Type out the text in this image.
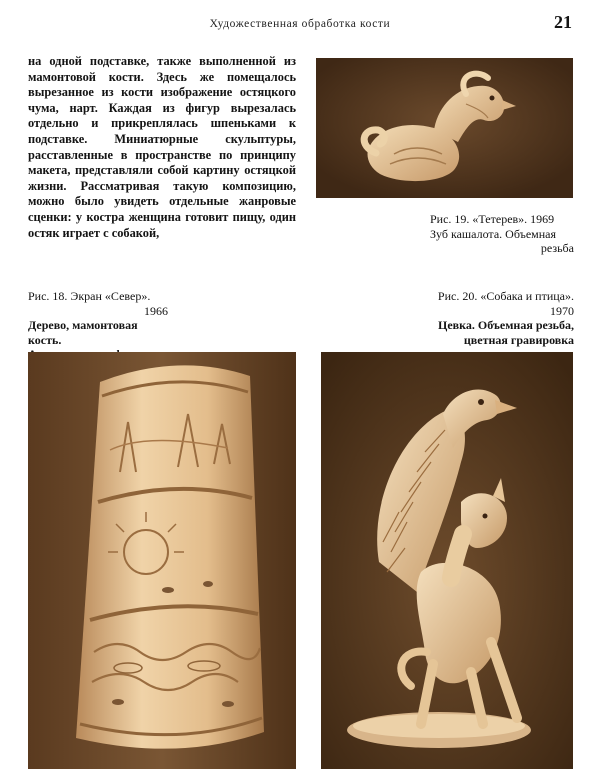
Художественная обработка кости	21

на одной подставке, также выполненной из мамонтовой кости. Здесь же помещалось вырезанное из кости изображение остяцкого чума, нарт. Каждая из фигур вырезалась отдельно и прикреплялась шпеньками к подставке. Миниатюрные скульптуры, расставленные в пространстве по принципу макета, представляли собой картину остяцкой жизни. Рассматривая такую композицию, можно было увидеть отдельные жанровые сценки: у костра женщина готовит пищу, один остяк играет с собакой,

Рис. 19. «Тетерев». 1969
Зуб кашалота. Объемная
резьба
Рис. 18. Экран «Север».
1966
Дерево, мамонтовая кость.
Рис. 20. «Собака и птица».
1970
Цевка. Объемная резьба,
цветная гравировка
